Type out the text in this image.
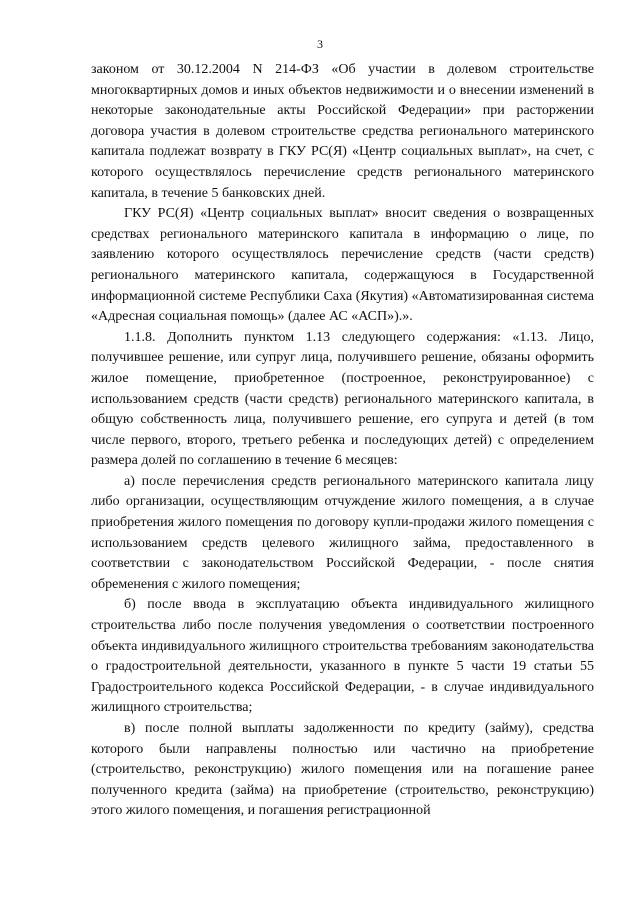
3

законом от 30.12.2004 N 214-ФЗ «Об участии в долевом строительстве многоквартирных домов и иных объектов недвижимости и о внесении изменений в некоторые законодательные акты Российской Федерации» при расторжении договора участия в долевом строительстве средства регионального материнского капитала подлежат возврату в ГКУ РС(Я) «Центр социальных выплат», на счет, с которого осуществлялось перечисление средств регионального материнского капитала, в течение 5 банковских дней.

ГКУ РС(Я) «Центр социальных выплат» вносит сведения о возвращенных средствах регионального материнского капитала в информацию о лице, по заявлению которого осуществлялось перечисление средств (части средств) регионального материнского капитала, содержащуюся в Государственной информационной системе Республики Саха (Якутия) «Автоматизированная система «Адресная социальная помощь» (далее АС «АСП»).».

1.1.8. Дополнить пунктом 1.13 следующего содержания: «1.13. Лицо, получившее решение, или супруг лица, получившего решение, обязаны оформить жилое помещение, приобретенное (построенное, реконструированное) с использованием средств (части средств) регионального материнского капитала, в общую собственность лица, получившего решение, его супруга и детей (в том числе первого, второго, третьего ребенка и последующих детей) с определением размера долей по соглашению в течение 6 месяцев:

а) после перечисления средств регионального материнского капитала лицу либо организации, осуществляющим отчуждение жилого помещения, а в случае приобретения жилого помещения по договору купли-продажи жилого помещения с использованием средств целевого жилищного займа, предоставленного в соответствии с законодательством Российской Федерации, - после снятия обременения с жилого помещения;

б) после ввода в эксплуатацию объекта индивидуального жилищного строительства либо после получения уведомления о соответствии построенного объекта индивидуального жилищного строительства требованиям законодательства о градостроительной деятельности, указанного в пункте 5 части 19 статьи 55 Градостроительного кодекса Российской Федерации, - в случае индивидуального жилищного строительства;

в) после полной выплаты задолженности по кредиту (займу), средства которого были направлены полностью или частично на приобретение (строительство, реконструкцию) жилого помещения или на погашение ранее полученного кредита (займа) на приобретение (строительство, реконструкцию) этого жилого помещения, и погашения регистрационной
